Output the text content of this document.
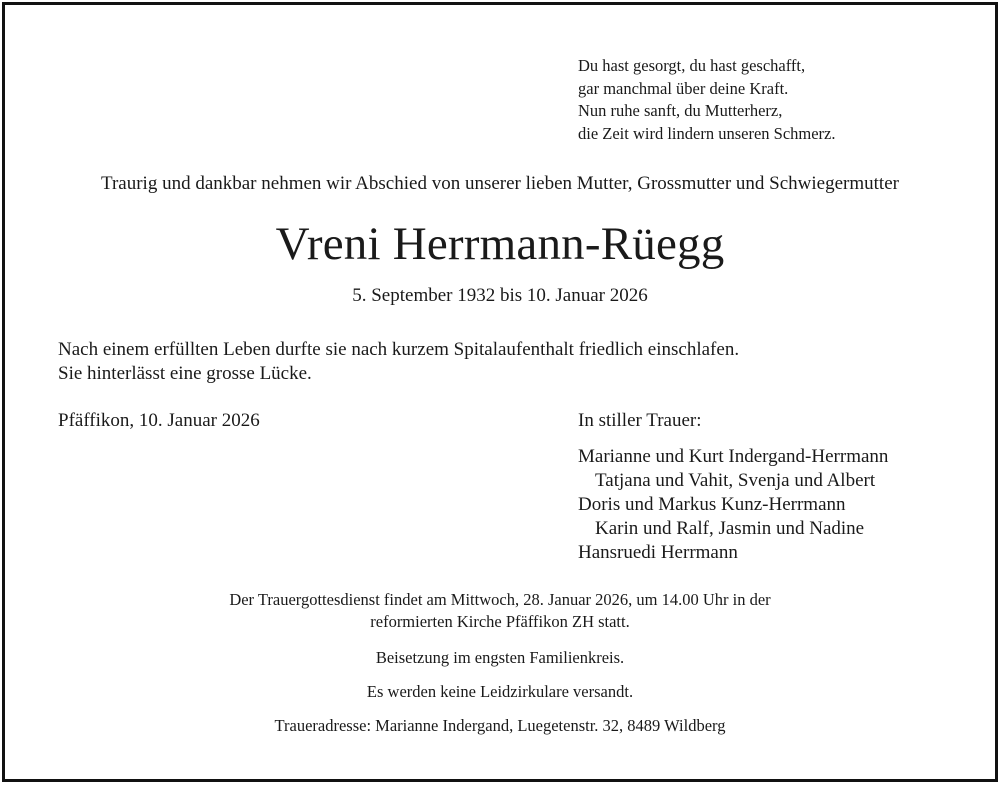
Du hast gesorgt, du hast geschafft,
gar manchmal über deine Kraft.
Nun ruhe sanft, du Mutterherz,
die Zeit wird lindern unseren Schmerz.
Traurig und dankbar nehmen wir Abschied von unserer lieben Mutter, Grossmutter und Schwiegermutter
Vreni Herrmann-Rüegg
5. September 1932 bis 10. Januar 2026
Nach einem erfüllten Leben durfte sie nach kurzem Spitalaufenthalt friedlich einschlafen.
Sie hinterlässt eine grosse Lücke.
Pfäffikon, 10. Januar 2026	In stiller Trauer:
Marianne und Kurt Indergand-Herrmann
Tatjana und Vahit, Svenja und Albert
Doris und Markus Kunz-Herrmann
Karin und Ralf, Jasmin und Nadine
Hansruedi Herrmann
Der Trauergottesdienst findet am Mittwoch, 28. Januar 2026, um 14.00 Uhr in der
reformierten Kirche Pfäffikon ZH statt.
Beisetzung im engsten Familienkreis.
Es werden keine Leidzirkulare versandt.
Traueradresse: Marianne Indergand, Luegetenstr. 32, 8489 Wildberg
